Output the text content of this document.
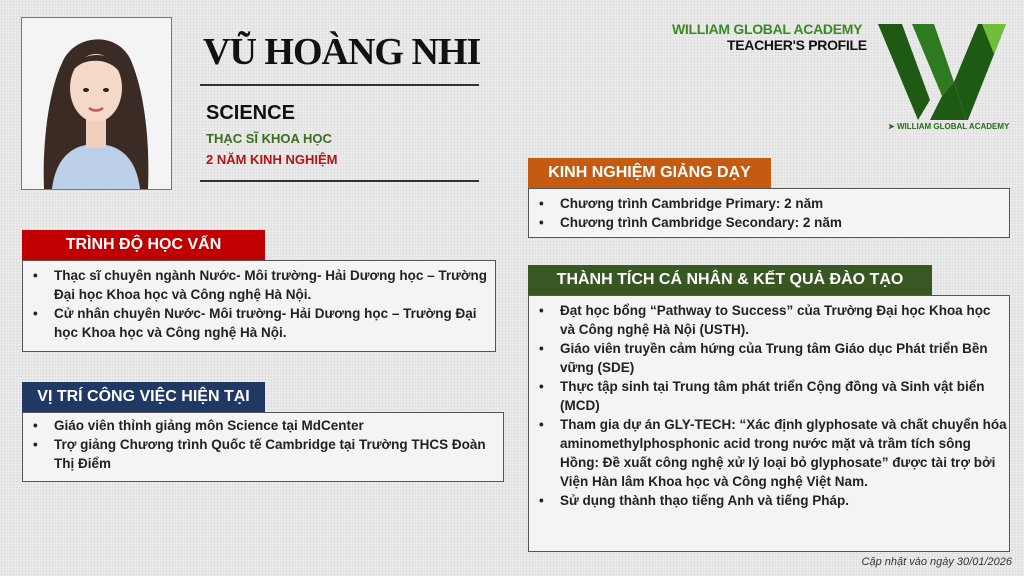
VŨ HOÀNG NHI
SCIENCE
THẠC SĨ KHOA HỌC
2 NĂM KINH NGHIỆM
WILLIAM GLOBAL ACADEMY
TEACHER'S PROFILE
➤ WILLIAM GLOBAL ACADEMY
TRÌNH ĐỘ HỌC VẤN
• Thạc sĩ chuyên ngành Nước- Môi trường- Hải Dương học – Trường Đại học Khoa học và Công nghệ Hà Nội.
• Cử nhân chuyên Nước- Môi trường- Hải Dương học – Trường Đại học Khoa học và Công nghệ Hà Nội.
VỊ TRÍ CÔNG VIỆC HIỆN TẠI
• Giáo viên thỉnh giảng môn Science tại MdCenter
• Trợ giảng Chương trình Quốc tế Cambridge tại Trường THCS Đoàn Thị Điểm
KINH NGHIỆM GIẢNG DẠY
• Chương trình Cambridge Primary: 2 năm
• Chương trình Cambridge Secondary: 2 năm
THÀNH TÍCH CÁ NHÂN & KẾT QUẢ ĐÀO TẠO
• Đạt học bổng “Pathway to Success” của Trường Đại học Khoa học và Công nghệ Hà Nội (USTH).
• Giáo viên truyền cảm hứng của Trung tâm Giáo dục Phát triển Bền vững (SDE)
• Thực tập sinh tại Trung tâm phát triển Cộng đồng và Sinh vật biển (MCD)
• Tham gia dự án GLY-TECH: “Xác định glyphosate và chất chuyển hóa aminomethylphosphonic acid trong nước mặt và trầm tích sông Hồng: Đề xuất công nghệ xử lý loại bỏ glyphosate” được tài trợ bởi Viện Hàn lâm Khoa học và Công nghệ Việt Nam.
• Sử dụng thành thạo tiếng Anh và tiếng Pháp.
Cập nhật vào ngày 30/01/2026
